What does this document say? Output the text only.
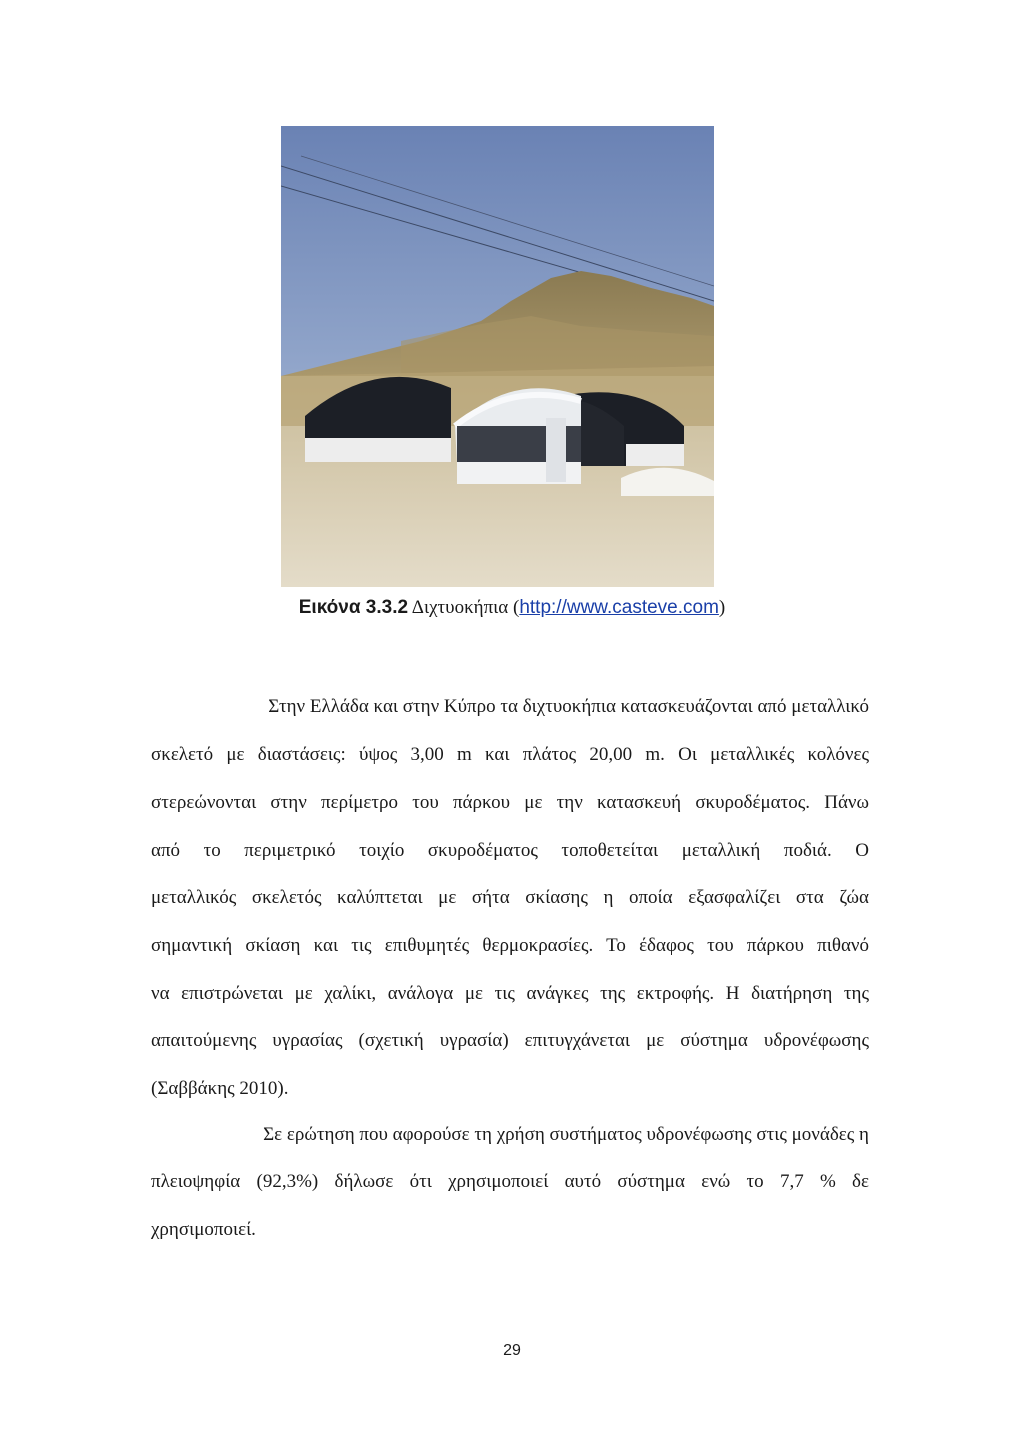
Εικόνα 3.3.2 Διχτυοκήπια (http://www.casteve.com)
Στην Ελλάδα και στην Κύπρο τα διχτυοκήπια κατασκευάζονται από μεταλλικό
σκελετό με διαστάσεις: ύψος 3,00 m και πλάτος 20,00 m. Οι μεταλλικές κολόνες
στερεώνονται στην περίμετρο του πάρκου με την κατασκευή σκυροδέματος. Πάνω
από το περιμετρικό τοιχίο σκυροδέματος τοποθετείται μεταλλική ποδιά. Ο
μεταλλικός σκελετός καλύπτεται με σήτα σκίασης η οποία εξασφαλίζει στα ζώα
σημαντική σκίαση και τις επιθυμητές θερμοκρασίες. Το έδαφος του πάρκου πιθανό
να επιστρώνεται με χαλίκι, ανάλογα με τις ανάγκες της εκτροφής. Η διατήρηση της
απαιτούμενης υγρασίας (σχετική υγρασία) επιτυγχάνεται με σύστημα υδρονέφωσης
(Σαββάκης 2010).
Σε ερώτηση που αφορούσε τη χρήση συστήματος υδρονέφωσης στις μονάδες η
πλειοψηφία (92,3%) δήλωσε ότι χρησιμοποιεί αυτό σύστημα ενώ το 7,7 % δε
χρησιμοποιεί.
29
